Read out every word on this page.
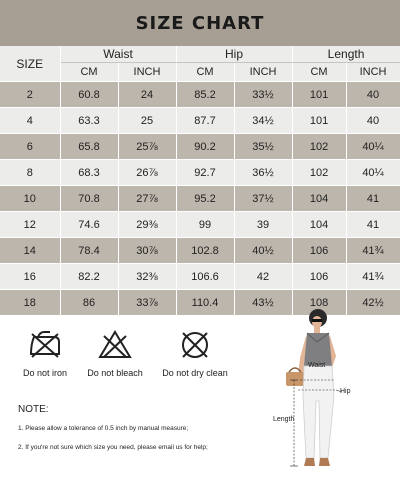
SIZE CHART
SIZE	Waist		Hip		Length	
	CM	INCH	CM	INCH	CM	INCH
2	60.8	24	85.2	33½	101	40
4	63.3	25	87.7	34½	101	40
6	65.8	25⅞	90.2	35½	102	40¼
8	68.3	26⅞	92.7	36½	102	40¼
10	70.8	27⅞	95.2	37½	104	41
12	74.6	29⅜	99	39	104	41
14	78.4	30⅞	102.8	40½	106	41¾
16	82.2	32⅜	106.6	42	106	41¾
18	86	33⅞	110.4	43½	108	42½
Do not iron	Do not bleach	Do not dry clean
NOTE:
1. Please allow a tolerance of 0.5 inch by manual measure;
2. If you're not sure which size you need, please email us for help;
Waist
Hip
Length
